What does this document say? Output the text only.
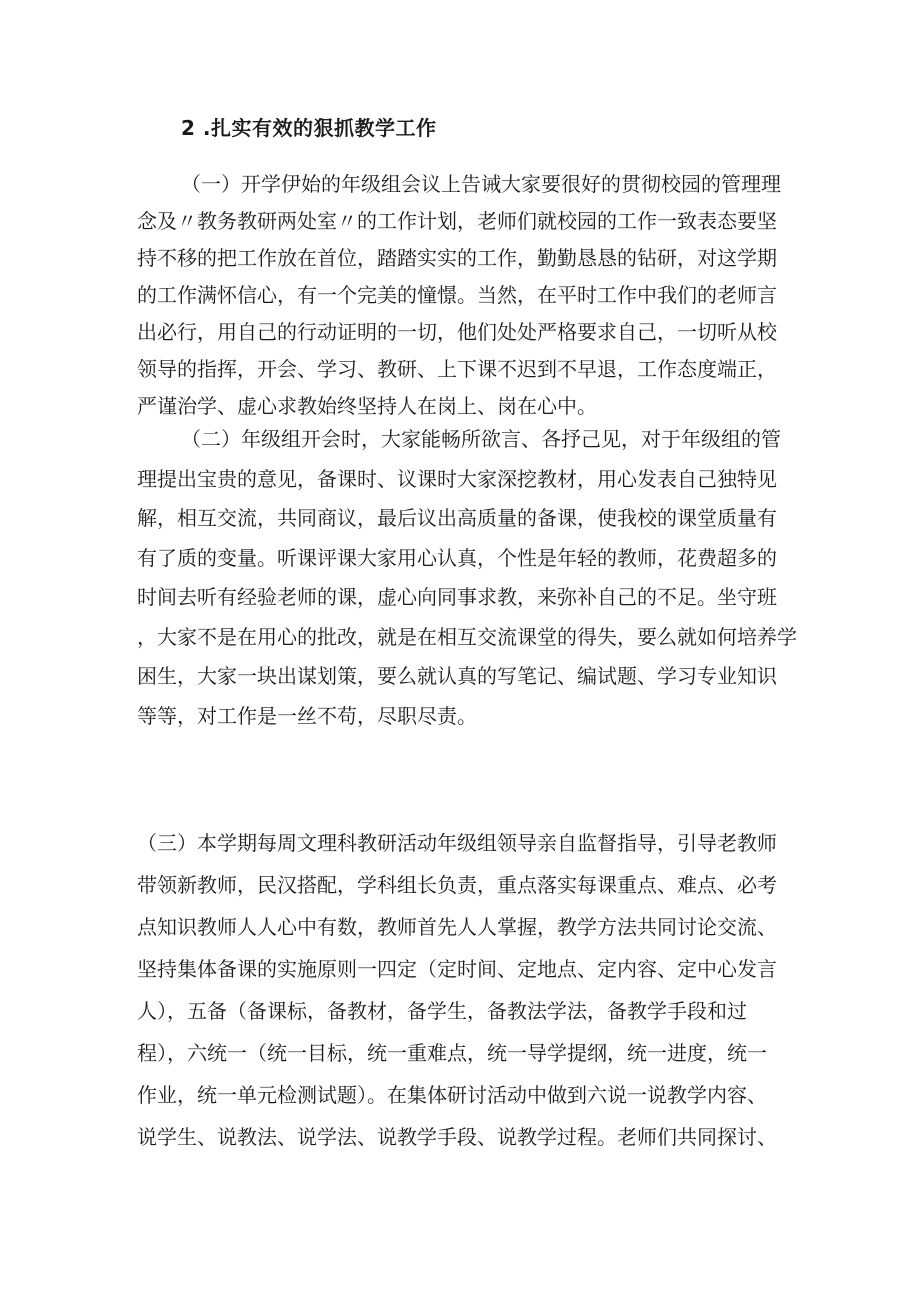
2 .扎实有效的狠抓教学工作
（一）开学伊始的年级组会议上告诫大家要很好的贯彻校园的管理理
念及〃教务教研两处室〃的工作计划，老师们就校园的工作一致表态要坚
持不移的把工作放在首位，踏踏实实的工作，勤勤恳恳的钻研，对这学期
的工作满怀信心，有一个完美的憧憬。当然，在平时工作中我们的老师言
出必行，用自己的行动证明的一切，他们处处严格要求自己，一切听从校
领导的指挥，开会、学习、教研、上下课不迟到不早退，工作态度端正，
严谨治学、虚心求教始终坚持人在岗上、岗在心中。
（二）年级组开会时，大家能畅所欲言、各抒己见，对于年级组的管
理提出宝贵的意见，备课时、议课时大家深挖教材，用心发表自己独特见
解，相互交流，共同商议，最后议出高质量的备课，使我校的课堂质量有
有了质的变量。听课评课大家用心认真，个性是年轻的教师，花费超多的
时间去听有经验老师的课，虚心向同事求教，来弥补自己的不足。坐守班
，大家不是在用心的批改，就是在相互交流课堂的得失，要么就如何培养学
困生，大家一块出谋划策，要么就认真的写笔记、编试题、学习专业知识
等等，对工作是一丝不苟，尽职尽责。
（三）本学期每周文理科教研活动年级组领导亲自监督指导，引导老教师
带领新教师，民汉搭配，学科组长负责，重点落实每课重点、难点、必考
点知识教师人人心中有数，教师首先人人掌握，教学方法共同讨论交流、
坚持集体备课的实施原则一四定（定时间、定地点、定内容、定中心发言
人），五备（备课标，备教材，备学生，备教法学法，备教学手段和过
程），六统一（统一目标，统一重难点，统一导学提纲，统一进度，统一
作业，统一单元检测试题）。在集体研讨活动中做到六说一说教学内容、
说学生、说教法、说学法、说教学手段、说教学过程。老师们共同探讨、
